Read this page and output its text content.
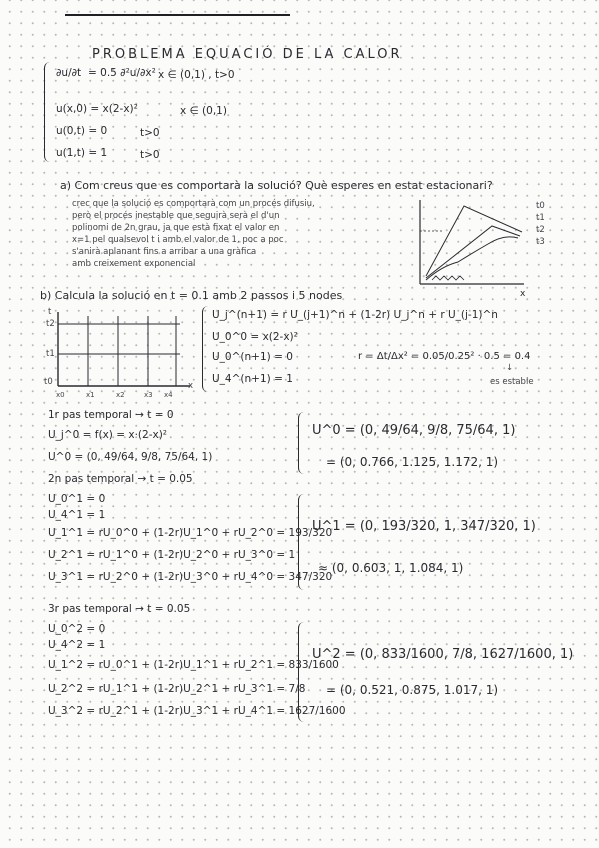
PROBLEMA EQUACIÓ DE LA CALOR
∂u/∂t = 0.5 ∂²u/∂x² x ∈ (0,1) , t>0
u(x,0) = x(2-x)²	x ∈ (0,1)
u(0,t) = 0	t>0
u(1,t) = 1	t>0
a) Com creus que es comportarà la solució? Què esperes en estat estacionari?
crec que la solució es comportarà com un procés difusiu,
però el procés inestable que seguirà serà el d'un
polinomi de 2n grau, ja que està fixat el valor en
x=1 pel qualsevol t i amb el valor de 1, poc a poc
s'anirà aplanant fins a arribar a una gràfica
amb creixement exponencial
x
t0
t1
t2
t3
b) Calcula la solució en t = 0.1 amb 2 passos i 5 nodes
t
t2
t1
t0
x0	x1	x2	x3 x4
x
U_j^(n+1) = r U_(j+1)^n + (1-2r) U_j^n + r U_(j-1)^n
U_0^0 = x(2-x)²
U_0^(n+1) = 0
U_4^(n+1) = 1
r = Δt/Δx² = 0.05/0.25² · 0.5 = 0.4
↓
es estable
1r pas temporal → t = 0
U_j^0 = f(x) = x·(2-x)²
U^0 = (0, 49/64, 9/8, 75/64, 1)
U^0 = (0, 49/64, 9/8, 75/64, 1)
= (0, 0.766, 1.125, 1.172, 1)
2n pas temporal → t = 0.05
U_0^1 = 0
U_4^1 = 1
U_1^1 = rU_0^0 + (1-2r)U_1^0 + rU_2^0 = 193/320
U_2^1 = rU_1^0 + (1-2r)U_2^0 + rU_3^0 = 1
U_3^1 = rU_2^0 + (1-2r)U_3^0 + rU_4^0 = 347/320
U^1 = (0, 193/320, 1, 347/320, 1)
≈ (0, 0.603, 1, 1.084, 1)
3r pas temporal → t = 0.05
U_0^2 = 0
U_4^2 = 1
U_1^2 = rU_0^1 + (1-2r)U_1^1 + rU_2^1 = 833/1600
U_2^2 = rU_1^1 + (1-2r)U_2^1 + rU_3^1 = 7/8
U_3^2 = rU_2^1 + (1-2r)U_3^1 + rU_4^1 = 1627/1600
U^2 = (0, 833/1600, 7/8, 1627/1600, 1)
= (0, 0.521, 0.875, 1.017, 1)
